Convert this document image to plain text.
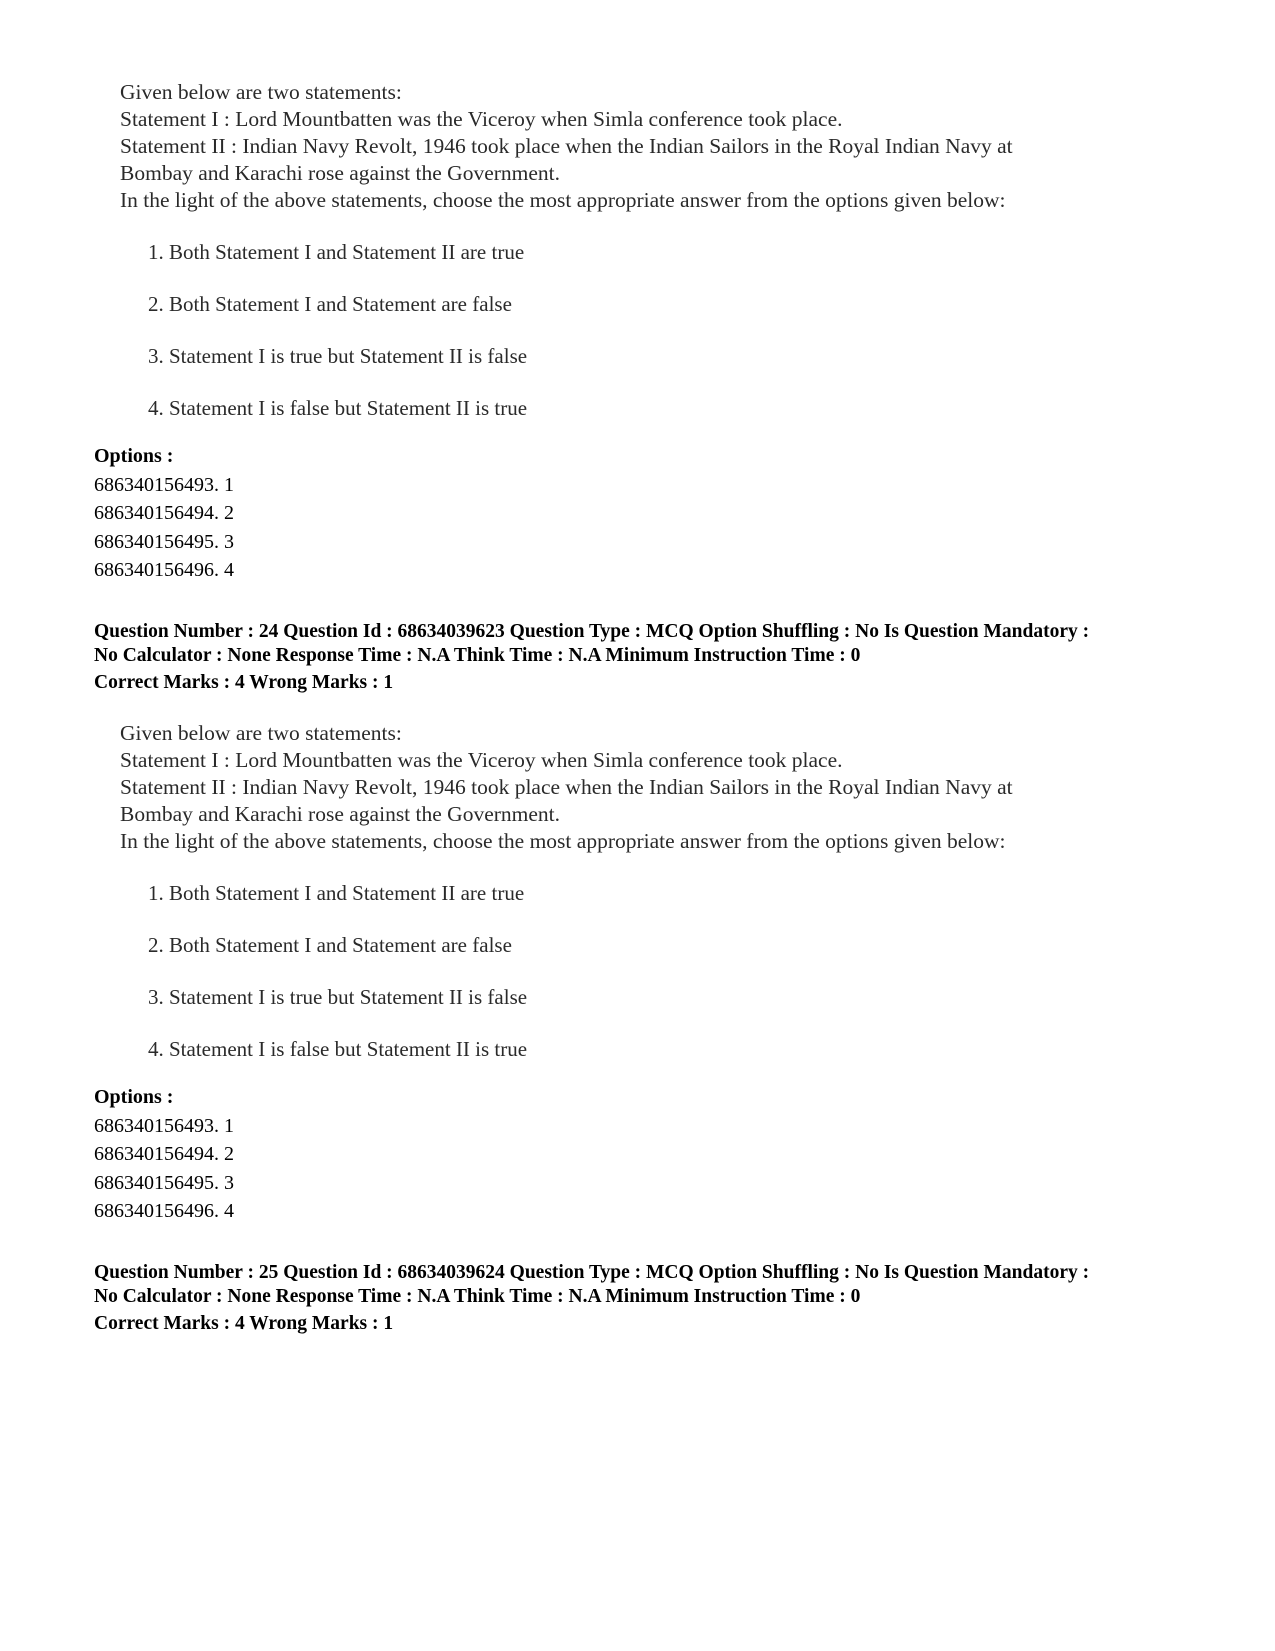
Given below are two statements:
Statement I : Lord Mountbatten was the Viceroy when Simla conference took place.
Statement II : Indian Navy Revolt, 1946 took place when the Indian Sailors in the Royal Indian Navy at
Bombay and Karachi rose against the Government.
In the light of the above statements, choose the most appropriate answer from the options given below:
1. Both Statement I and Statement II are true
2. Both Statement I and Statement are false
3. Statement I is true but Statement II is false
4. Statement I is false but Statement II is true
Options :
686340156493. 1
686340156494. 2
686340156495. 3
686340156496. 4
Question Number : 24 Question Id : 68634039623 Question Type : MCQ Option Shuffling : No Is Question Mandatory :
No Calculator : None Response Time : N.A Think Time : N.A Minimum Instruction Time : 0
Correct Marks : 4 Wrong Marks : 1
Given below are two statements:
Statement I : Lord Mountbatten was the Viceroy when Simla conference took place.
Statement II : Indian Navy Revolt, 1946 took place when the Indian Sailors in the Royal Indian Navy at
Bombay and Karachi rose against the Government.
In the light of the above statements, choose the most appropriate answer from the options given below:
1. Both Statement I and Statement II are true
2. Both Statement I and Statement are false
3. Statement I is true but Statement II is false
4. Statement I is false but Statement II is true
Options :
686340156493. 1
686340156494. 2
686340156495. 3
686340156496. 4
Question Number : 25 Question Id : 68634039624 Question Type : MCQ Option Shuffling : No Is Question Mandatory :
No Calculator : None Response Time : N.A Think Time : N.A Minimum Instruction Time : 0
Correct Marks : 4 Wrong Marks : 1
